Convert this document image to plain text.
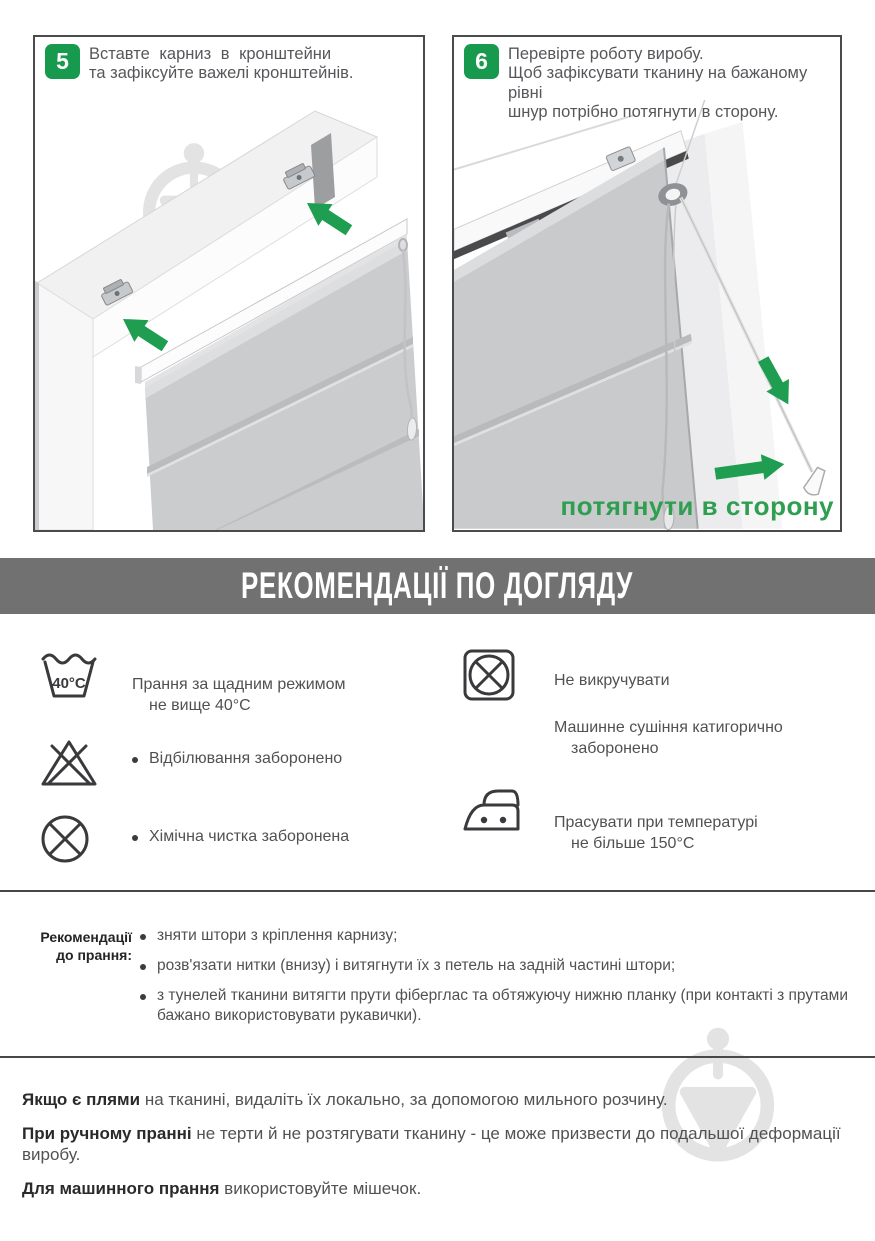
5	Вставте карниз в кронштейни
та зафіксуйте важелі кронштейнів.	6	Перевірте роботу виробу.
Щоб зафіксувати тканину на бажаному рівні
шнур потрібно потягнути в сторону.
потягнути в сторону
РЕКОМЕНДАЦІЇ ПО ДОГЛЯДУ
40°C	Прання за щадним режимом
не вище 40°С
Відбілювання заборонено
Хімічна чистка заборонена
Не викручувати
Машинне сушіння катигорично
заборонено
Прасувати при температурі
не більше 150°С
Рекомендації
до прання:
зняти штори з кріплення карнизу;
розв'язати нитки (внизу) і витягнути їх з петель на задній частині штори;
з тунелей тканини витягти прути фіберглас та обтяжуючу нижню планку (при контакті з прутами
бажано використовувати рукавички).

Якщо є плями на тканині, видаліть їх локально, за допомогою мильного розчину.

При ручному пранні не терти й не розтягувати тканину - це може призвести до подальшої деформації виробу.

Для машинного прання використовуйте мішечок.
